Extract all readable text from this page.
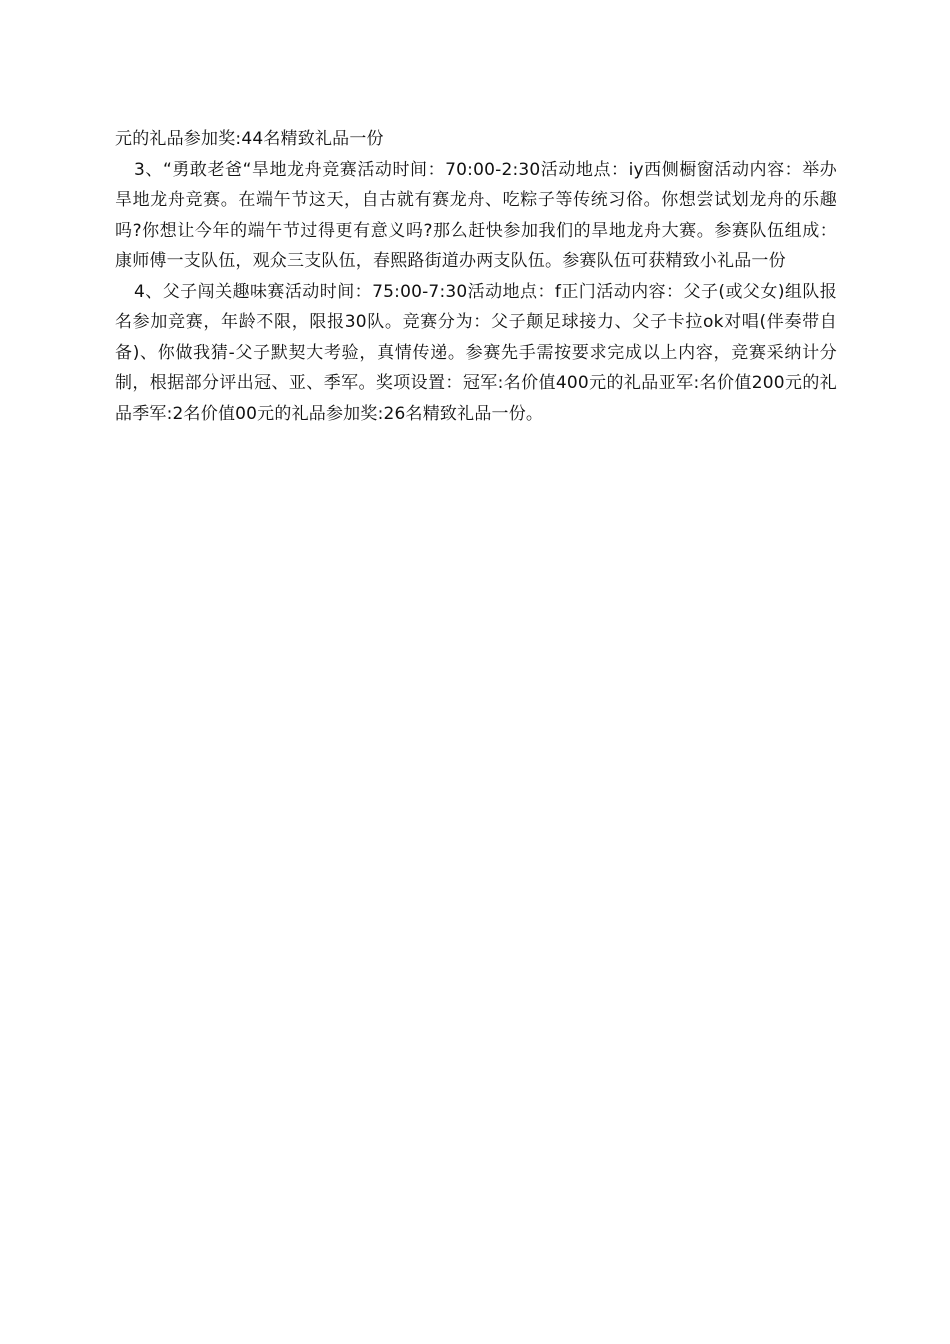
元的礼品参加奖:44名精致礼品一份

3、“勇敢老爸“旱地龙舟竞赛活动时间：70:00-2:30活动地点：iy西侧橱窗活动内容：举办旱地龙舟竞赛。在端午节这天，自古就有赛龙舟、吃粽子等传统习俗。你想尝试划龙舟的乐趣吗?你想让今年的端午节过得更有意义吗?那么赶快参加我们的旱地龙舟大赛。参赛队伍组成：康师傅一支队伍，观众三支队伍，春熙路街道办两支队伍。参赛队伍可获精致小礼品一份

4、父子闯关趣味赛活动时间：75:00-7:30活动地点：f正门活动内容：父子(或父女)组队报名参加竞赛，年龄不限，限报30队。竞赛分为：父子颠足球接力、父子卡拉ok对唱(伴奏带自备)、你做我猜-父子默契大考验，真情传递。参赛先手需按要求完成以上内容，竞赛采纳计分制，根据部分评出冠、亚、季军。奖项设置：冠军:名价值400元的礼品亚军:名价值200元的礼品季军:2名价值00元的礼品参加奖:26名精致礼品一份。
